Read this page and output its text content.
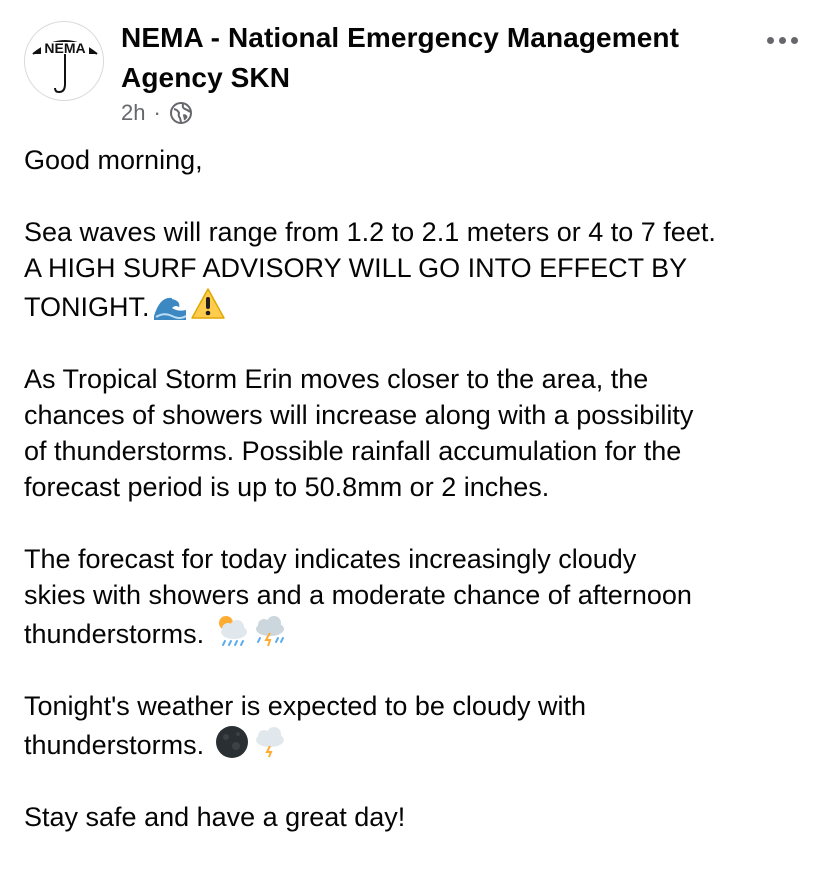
NEMA NEMA - National Emergency Management Agency SKN
2h ·

Good morning,

Sea waves will range from 1.2 to 2.1 meters or 4 to 7 feet.
A HIGH SURF ADVISORY WILL GO INTO EFFECT BY
TONIGHT.

As Tropical Storm Erin moves closer to the area, the
chances of showers will increase along with a possibility
of thunderstorms. Possible rainfall accumulation for the
forecast period is up to 50.8mm or 2 inches.

The forecast for today indicates increasingly cloudy
skies with showers and a moderate chance of afternoon
thunderstorms.

Tonight's weather is expected to be cloudy with
thunderstorms.

Stay safe and have a great day!
